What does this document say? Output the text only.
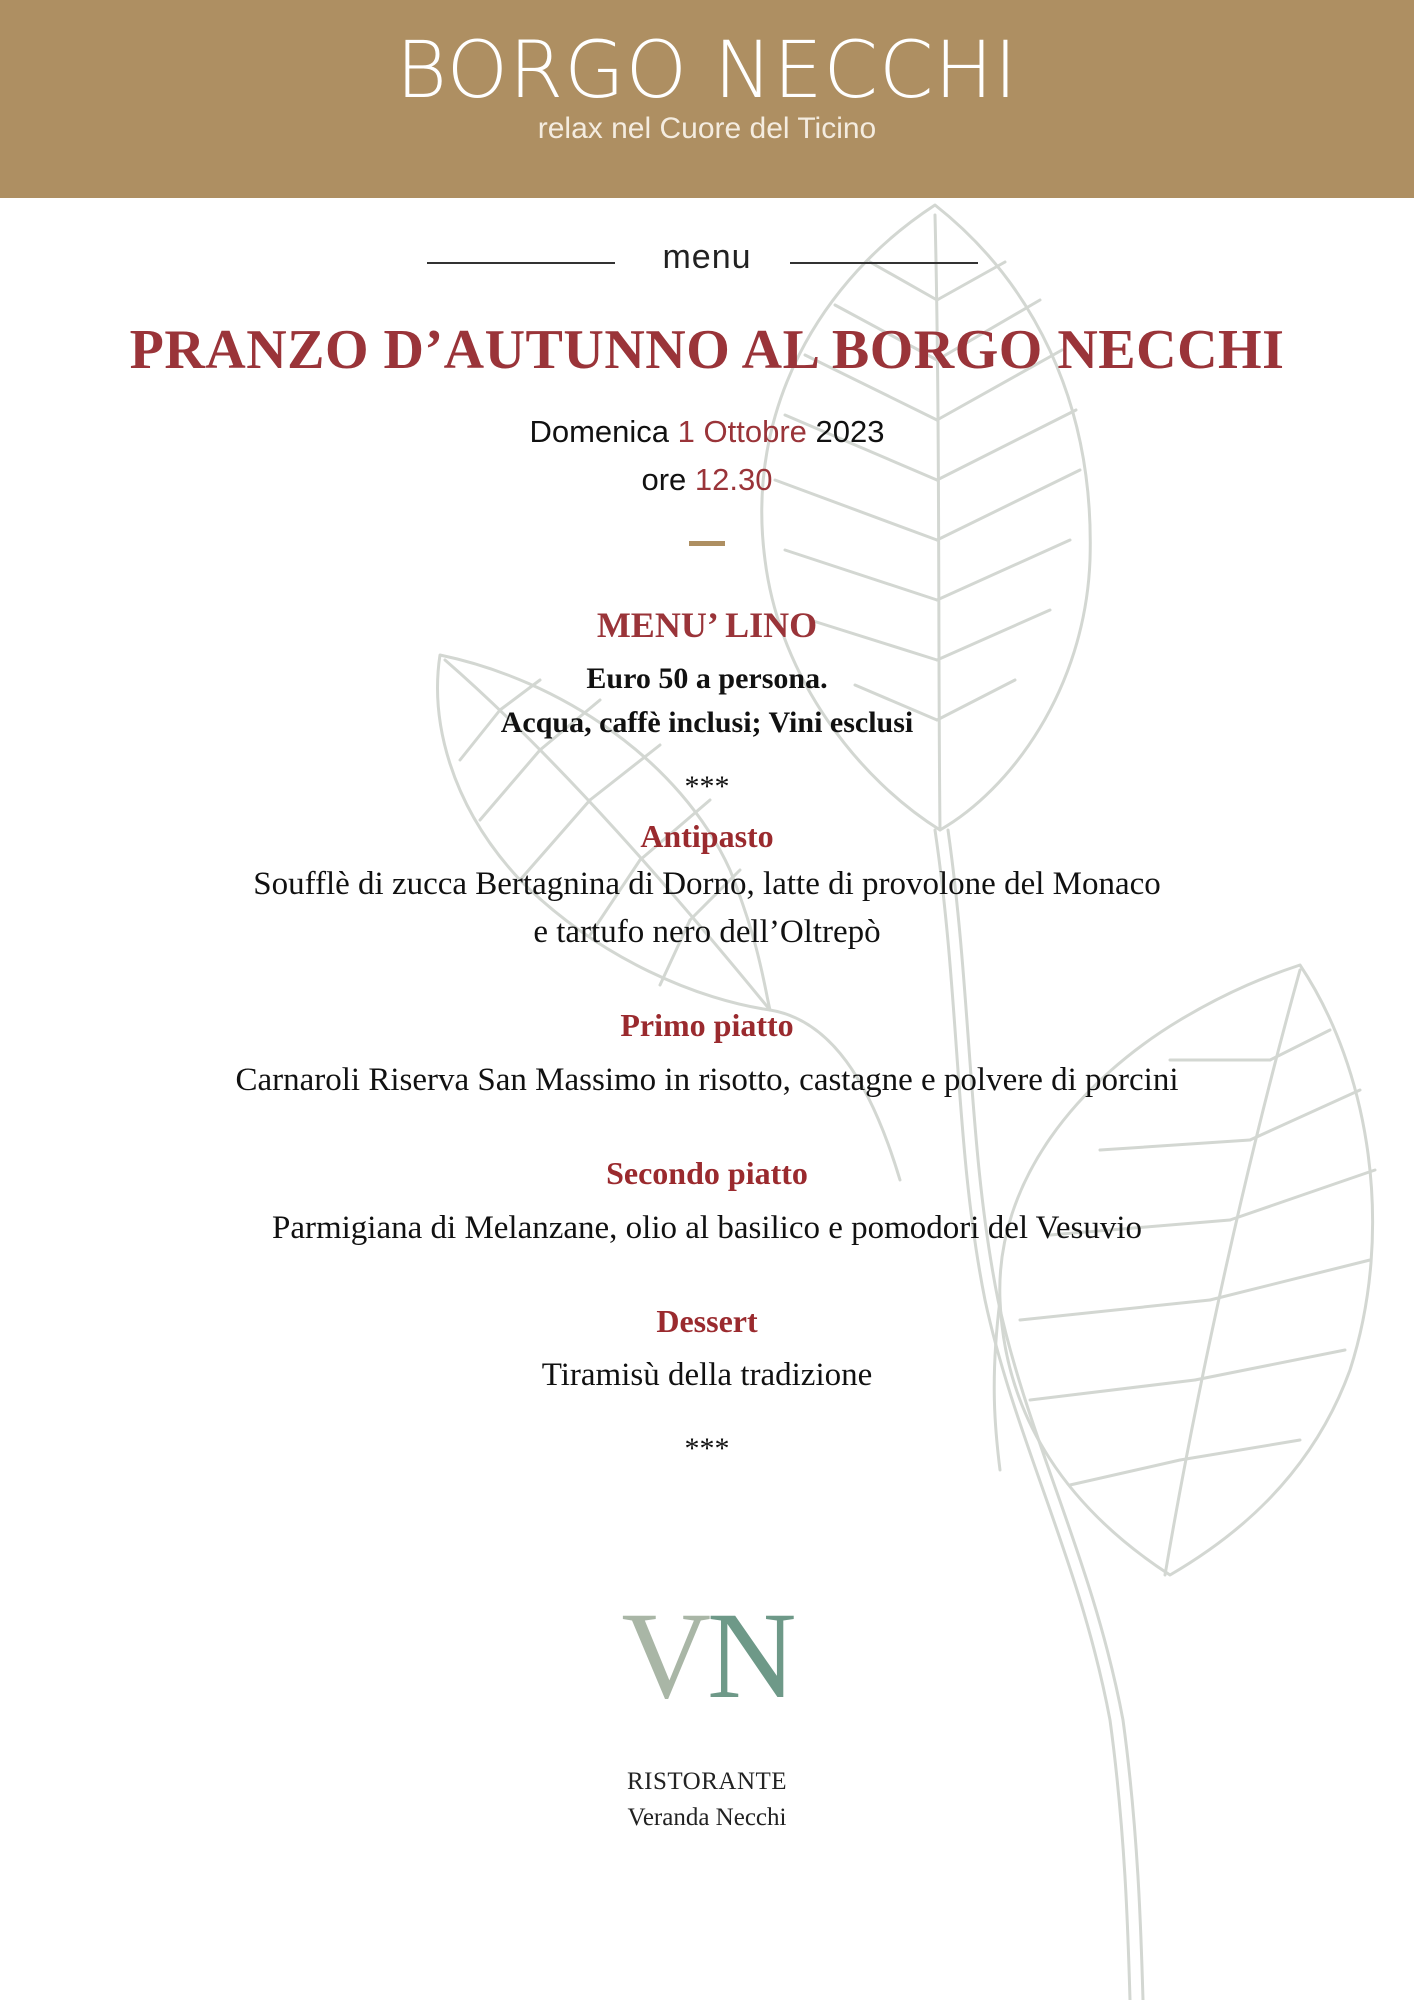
BORGO NECCHI
relax nel Cuore del Ticino
menu
PRANZO D’AUTUNNO AL BORGO NECCHI
Domenica 1 Ottobre 2023
ore 12.30
MENU’ LINO
Euro 50 a persona.
Acqua, caffè inclusi; Vini esclusi
***
Antipasto
Soufflè di zucca Bertagnina di Dorno, latte di provolone del Monaco
e tartufo nero dell’Oltrepò
Primo piatto
Carnaroli Riserva San Massimo in risotto, castagne e polvere di porcini
Secondo piatto
Parmigiana di Melanzane, olio al basilico e pomodori del Vesuvio
Dessert
Tiramisù della tradizione
***
VN
RISTORANTE
Veranda Necchi
